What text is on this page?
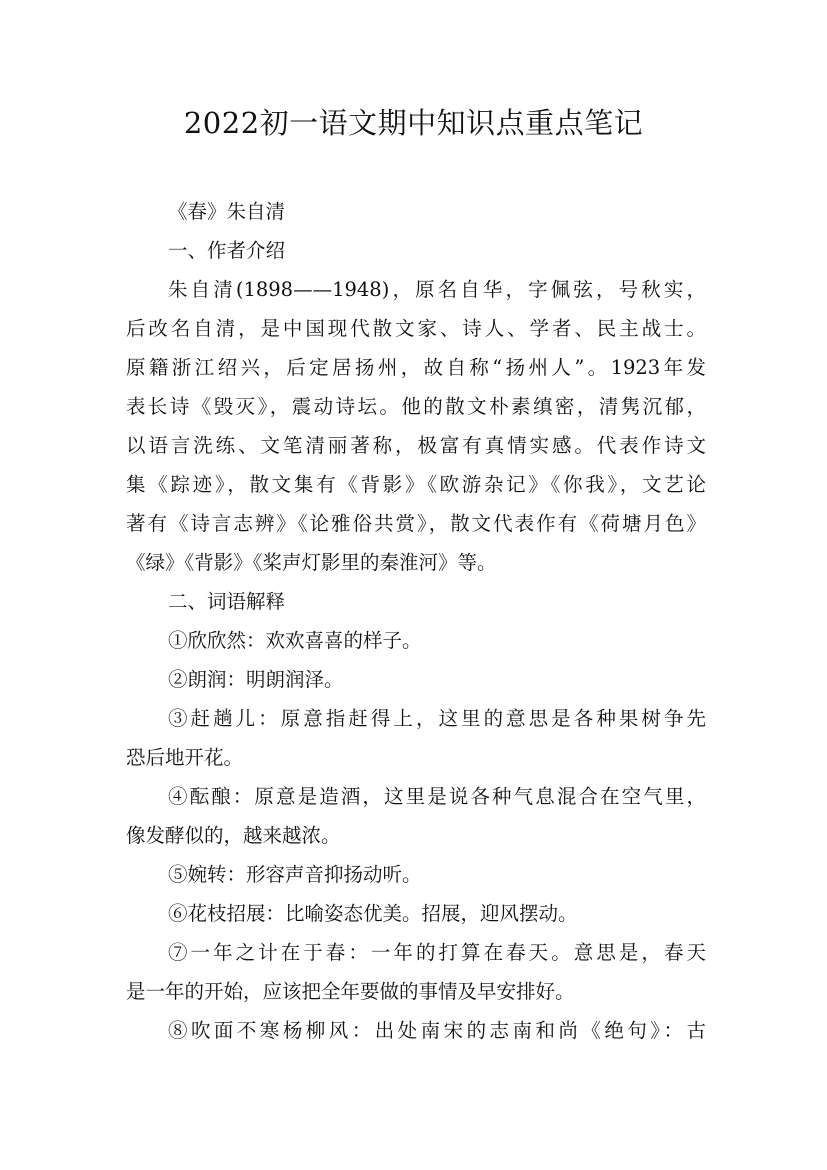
2022初一语文期中知识点重点笔记

《春》朱自清

一、作者介绍

朱自清(1898——1948)，原名自华，字佩弦，号秋实，

后改名自清，是中国现代散文家、诗人、学者、民主战士。

原籍浙江绍兴，后定居扬州，故自称“扬州人”。1923年发

表长诗《毁灭》，震动诗坛。他的散文朴素缜密，清隽沉郁，

以语言洗练、文笔清丽著称，极富有真情实感。代表作诗文

集《踪迹》，散文集有《背影》《欧游杂记》《你我》，文艺论

著有《诗言志辨》《论雅俗共赏》，散文代表作有《荷塘月色》

《绿》《背影》《桨声灯影里的秦淮河》等。

二、词语解释

①欣欣然：欢欢喜喜的样子。

②朗润：明朗润泽。

③赶趟儿：原意指赶得上，这里的意思是各种果树争先

恐后地开花。

④酝酿：原意是造酒，这里是说各种气息混合在空气里，

像发酵似的，越来越浓。

⑤婉转：形容声音抑扬动听。

⑥花枝招展：比喻姿态优美。招展，迎风摆动。

⑦一年之计在于春：一年的打算在春天。意思是，春天

是一年的开始，应该把全年要做的事情及早安排好。

⑧吹面不寒杨柳风：出处南宋的志南和尚《绝句》：古
